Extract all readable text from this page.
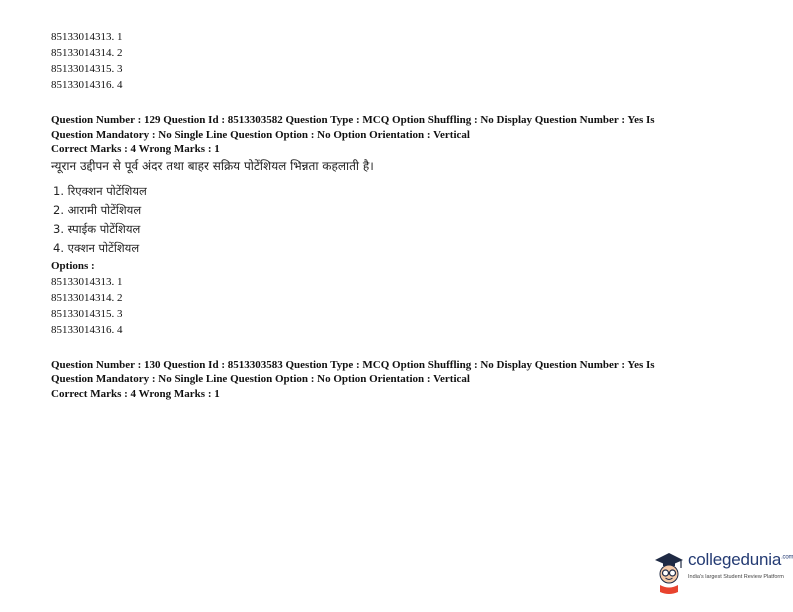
85133014313. 1
85133014314. 2
85133014315. 3
85133014316. 4
Question Number : 129 Question Id : 8513303582 Question Type : MCQ Option Shuffling : No Display Question Number : Yes Is
Question Mandatory : No Single Line Question Option : No Option Orientation : Vertical
Correct Marks : 4 Wrong Marks : 1
न्यूरान उद्दीपन से पूर्व अंदर तथा बाहर सक्रिय पोटेंशियल भिन्नता कहलाती है।
1. रिएक्शन पोटेंशियल
2. आरामी पोटेंशियल
3. स्पाईक पोटेंशियल
4. एक्शन पोटेंशियल
Options :
85133014313. 1
85133014314. 2
85133014315. 3
85133014316. 4
Question Number : 130 Question Id : 8513303583 Question Type : MCQ Option Shuffling : No Display Question Number : Yes Is
Question Mandatory : No Single Line Question Option : No Option Orientation : Vertical
Correct Marks : 4 Wrong Marks : 1
collegedunia$^{.com}$
India's largest Student Review Platform
